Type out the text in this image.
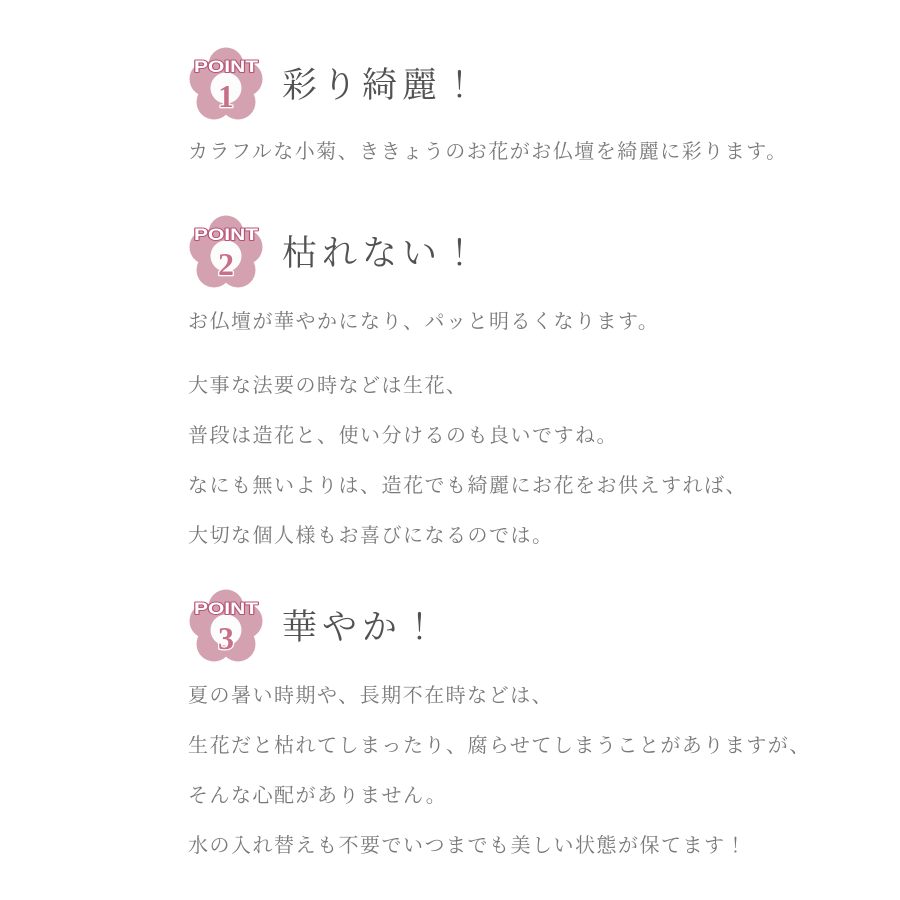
POINT
1 彩り綺麗！

カラフルな小菊、ききょうのお花がお仏壇を綺麗に彩ります。

POINT
2 枯れない！

お仏壇が華やかになり、パッと明るくなります。

大事な法要の時などは生花、

普段は造花と、使い分けるのも良いですね。

なにも無いよりは、造花でも綺麗にお花をお供えすれば、

大切な個人様もお喜びになるのでは。

POINT
3 華やか！

夏の暑い時期や、長期不在時などは、

生花だと枯れてしまったり、腐らせてしまうことがありますが、

そんな心配がありません。

水の入れ替えも不要でいつまでも美しい状態が保てます！
